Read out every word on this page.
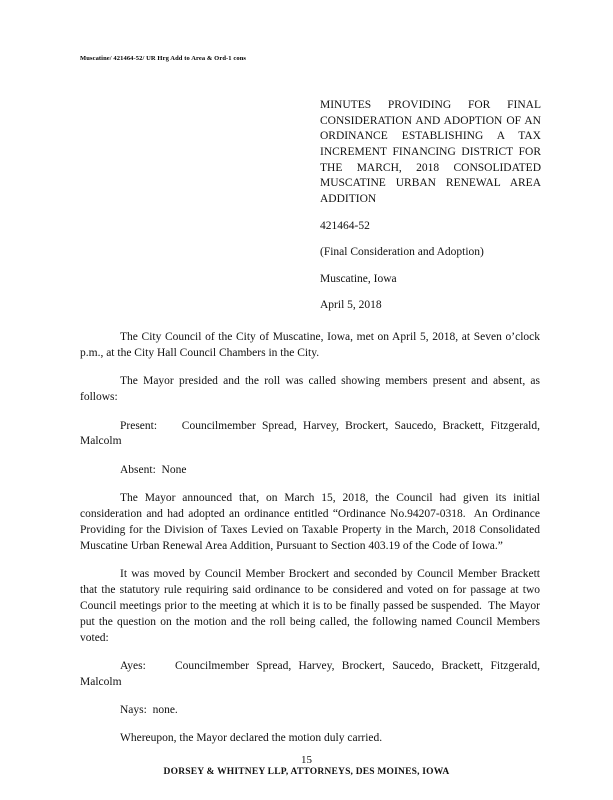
Muscatine/ 421464-52/ UR Hrg Add to Area & Ord-1 cons
MINUTES PROVIDING FOR FINAL CONSIDERATION AND ADOPTION OF AN ORDINANCE ESTABLISHING A TAX INCREMENT FINANCING DISTRICT FOR THE MARCH, 2018 CONSOLIDATED MUSCATINE URBAN RENEWAL AREA ADDITION

421464-52

(Final Consideration and Adoption)

Muscatine, Iowa

April 5, 2018

The City Council of the City of Muscatine, Iowa, met on April 5, 2018, at Seven o’clock p.m., at the City Hall Council Chambers in the City.

The Mayor presided and the roll was called showing members present and absent, as follows:

Present:    Councilmember Spread, Harvey, Brockert, Saucedo, Brackett, Fitzgerald, Malcolm

Absent:  None

The Mayor announced that, on March 15, 2018, the Council had given its initial consideration and had adopted an ordinance entitled “Ordinance No.94207-0318.  An Ordinance Providing for the Division of Taxes Levied on Taxable Property in the March, 2018 Consolidated Muscatine Urban Renewal Area Addition, Pursuant to Section 403.19 of the Code of Iowa.”

It was moved by Council Member Brockert and seconded by Council Member Brackett that the statutory rule requiring said ordinance to be considered and voted on for passage at two Council meetings prior to the meeting at which it is to be finally passed be suspended.  The Mayor put the question on the motion and the roll being called, the following named Council Members voted:

Ayes:    Councilmember Spread, Harvey, Brockert, Saucedo, Brackett, Fitzgerald, Malcolm

Nays:  none.

Whereupon, the Mayor declared the motion duly carried.

15
DORSEY & WHITNEY LLP, ATTORNEYS, DES MOINES, IOWA
